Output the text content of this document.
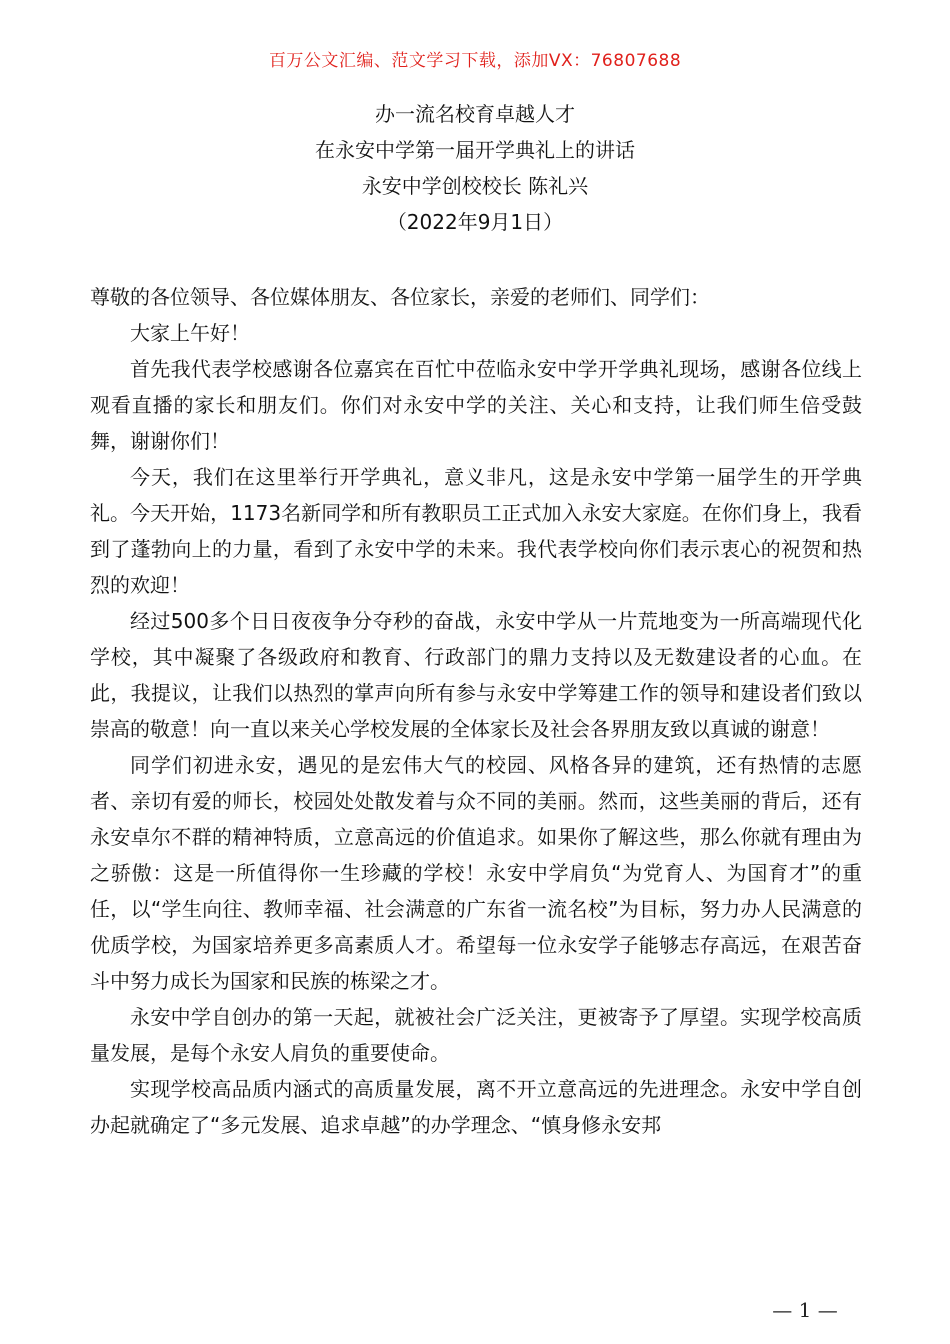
百万公文汇编、范文学习下载，添加VX：76807688
办一流名校育卓越人才
在永安中学第一届开学典礼上的讲话
永安中学创校校长 陈礼兴
（2022年9月1日）

尊敬的各位领导、各位媒体朋友、各位家长，亲爱的老师们、同学们：

大家上午好！

首先我代表学校感谢各位嘉宾在百忙中莅临永安中学开学典礼现场，感谢各位线上观看直播的家长和朋友们。你们对永安中学的关注、关心和支持，让我们师生倍受鼓舞，谢谢你们！

今天，我们在这里举行开学典礼，意义非凡，这是永安中学第一届学生的开学典礼。今天开始，1173名新同学和所有教职员工正式加入永安大家庭。在你们身上，我看到了蓬勃向上的力量，看到了永安中学的未来。我代表学校向你们表示衷心的祝贺和热烈的欢迎！

经过500多个日日夜夜争分夺秒的奋战，永安中学从一片荒地变为一所高端现代化学校，其中凝聚了各级政府和教育、行政部门的鼎力支持以及无数建设者的心血。在此，我提议，让我们以热烈的掌声向所有参与永安中学筹建工作的领导和建设者们致以崇高的敬意！向一直以来关心学校发展的全体家长及社会各界朋友致以真诚的谢意！

同学们初进永安，遇见的是宏伟大气的校园、风格各异的建筑，还有热情的志愿者、亲切有爱的师长，校园处处散发着与众不同的美丽。然而，这些美丽的背后，还有永安卓尔不群的精神特质，立意高远的价值追求。如果你了解这些，那么你就有理由为之骄傲：这是一所值得你一生珍藏的学校！永安中学肩负“为党育人、为国育才”的重任，以“学生向往、教师幸福、社会满意的广东省一流名校”为目标，努力办人民满意的优质学校，为国家培养更多高素质人才。希望每一位永安学子能够志存高远，在艰苦奋斗中努力成长为国家和民族的栋梁之才。

永安中学自创办的第一天起，就被社会广泛关注，更被寄予了厚望。实现学校高质量发展，是每个永安人肩负的重要使命。

实现学校高品质内涵式的高质量发展，离不开立意高远的先进理念。永安中学自创办起就确定了“多元发展、追求卓越”的办学理念、“慎身修永安邦

— 1 —
